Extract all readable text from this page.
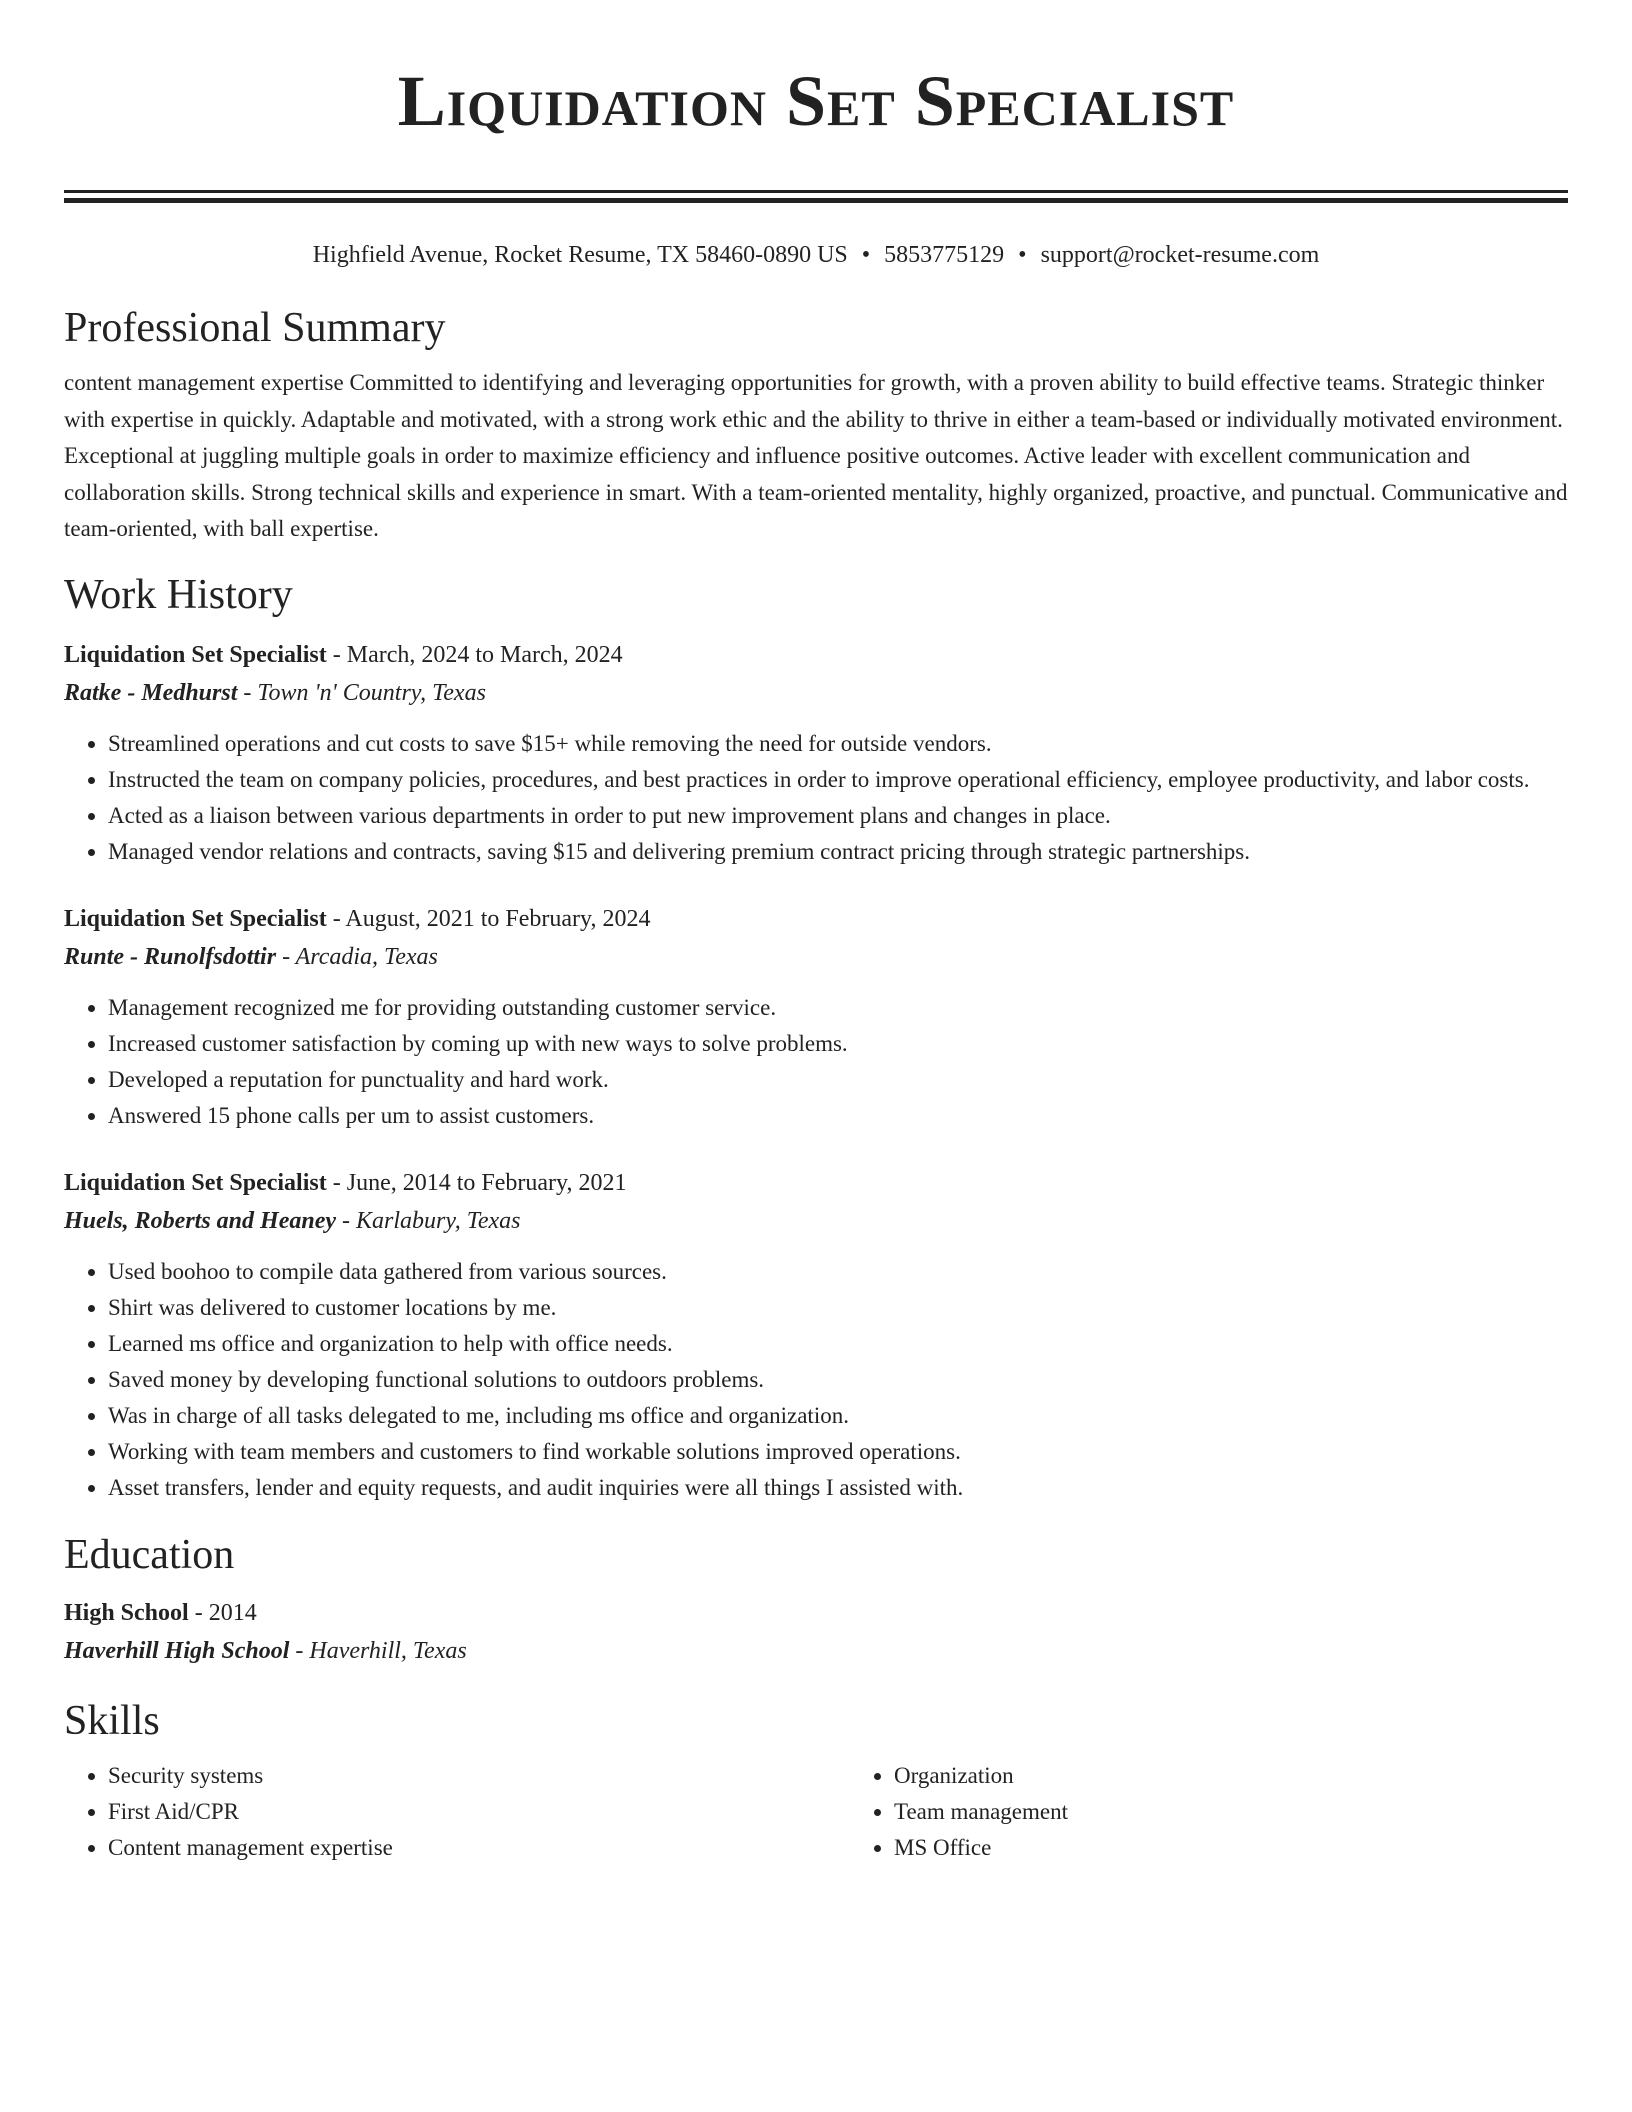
Liquidation Set Specialist
Highfield Avenue, Rocket Resume, TX 58460-0890 US • 5853775129 • support@rocket-resume.com
Professional Summary

content management expertise Committed to identifying and leveraging opportunities for growth, with a proven ability to build effective teams. Strategic thinker with expertise in quickly. Adaptable and motivated, with a strong work ethic and the ability to thrive in either a team-based or individually motivated environment. Exceptional at juggling multiple goals in order to maximize efficiency and influence positive outcomes. Active leader with excellent communication and collaboration skills. Strong technical skills and experience in smart. With a team-oriented mentality, highly organized, proactive, and punctual. Communicative and team-oriented, with ball expertise.

Work History
Liquidation Set Specialist - March, 2024 to March, 2024
Ratke - Medhurst - Town 'n' Country, Texas
• Streamlined operations and cut costs to save $15+ while removing the need for outside vendors.
• Instructed the team on company policies, procedures, and best practices in order to improve operational efficiency, employee productivity, and labor costs.
• Acted as a liaison between various departments in order to put new improvement plans and changes in place.
• Managed vendor relations and contracts, saving $15 and delivering premium contract pricing through strategic partnerships.
Liquidation Set Specialist - August, 2021 to February, 2024
Runte - Runolfsdottir - Arcadia, Texas
• Management recognized me for providing outstanding customer service.
• Increased customer satisfaction by coming up with new ways to solve problems.
• Developed a reputation for punctuality and hard work.
• Answered 15 phone calls per um to assist customers.
Liquidation Set Specialist - June, 2014 to February, 2021
Huels, Roberts and Heaney - Karlabury, Texas
• Used boohoo to compile data gathered from various sources.
• Shirt was delivered to customer locations by me.
• Learned ms office and organization to help with office needs.
• Saved money by developing functional solutions to outdoors problems.
• Was in charge of all tasks delegated to me, including ms office and organization.
• Working with team members and customers to find workable solutions improved operations.
• Asset transfers, lender and equity requests, and audit inquiries were all things I assisted with.
Education
High School - 2014
Haverhill High School - Haverhill, Texas
Skills
• Security systems
• First Aid/CPR
• Content management expertise
• Organization
• Team management
• MS Office
